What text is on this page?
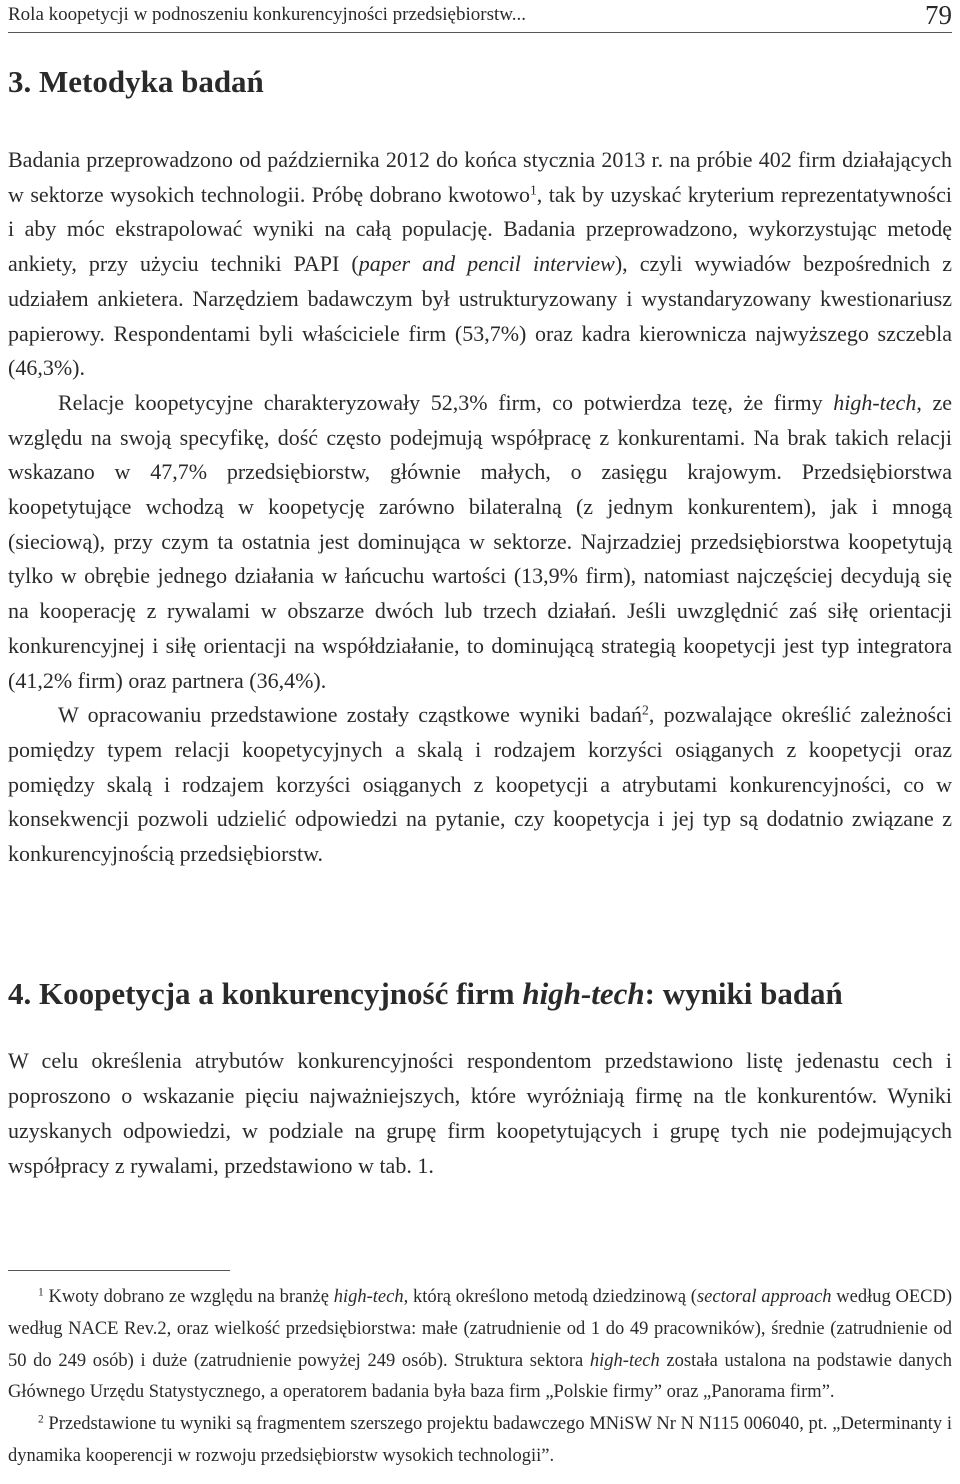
Rola koopetycji w podnoszeniu konkurencyjności przedsiębiorstw...	79
3. Metodyka badań

Badania przeprowadzono od października 2012 do końca stycznia 2013 r. na próbie 402 firm działających w sektorze wysokich technologii. Próbę dobrano kwotowo$^1$, tak by uzyskać kryterium reprezentatywności i aby móc ekstrapolować wyniki na całą populację. Badania przeprowadzono, wykorzystując metodę ankiety, przy użyciu techniki PAPI (paper and pencil interview), czyli wywiadów bezpośrednich z udziałem ankietera. Narzędziem badawczym był ustrukturyzowany i wystandaryzowany kwestionariusz papierowy. Respondentami byli właściciele firm (53,7%) oraz kadra kierownicza najwyższego szczebla (46,3%).

Relacje koopetycyjne charakteryzowały 52,3% firm, co potwierdza tezę, że firmy high-tech, ze względu na swoją specyfikę, dość często podejmują współpracę z konkurentami. Na brak takich relacji wskazano w 47,7% przedsiębiorstw, głównie małych, o zasięgu krajowym. Przedsiębiorstwa koopetytujące wchodzą w koopetycję zarówno bilateralną (z jednym konkurentem), jak i mnogą (sieciową), przy czym ta ostatnia jest dominująca w sektorze. Najrzadziej przedsiębiorstwa koopetytują tylko w obrębie jednego działania w łańcuchu wartości (13,9% firm), natomiast najczęściej decydują się na kooperację z rywalami w obszarze dwóch lub trzech działań. Jeśli uwzględnić zaś siłę orientacji konkurencyjnej i siłę orientacji na współdziałanie, to dominującą strategią koopetycji jest typ integratora (41,2% firm) oraz partnera (36,4%).

W opracowaniu przedstawione zostały cząstkowe wyniki badań$^2$, pozwalające określić zależności pomiędzy typem relacji koopetycyjnych a skalą i rodzajem korzyści osiąganych z koopetycji oraz pomiędzy skalą i rodzajem korzyści osiąganych z koopetycji a atrybutami konkurencyjności, co w konsekwencji pozwoli udzielić odpowiedzi na pytanie, czy koopetycja i jej typ są dodatnio związane z konkurencyjnością przedsiębiorstw.

4. Koopetycja a konkurencyjność firm high-tech: wyniki badań

W celu określenia atrybutów konkurencyjności respondentom przedstawiono listę jedenastu cech i poproszono o wskazanie pięciu najważniejszych, które wyróżniają firmę na tle konkurentów. Wyniki uzyskanych odpowiedzi, w podziale na grupę firm koopetytujących i grupę tych nie podejmujących współpracy z rywalami, przedstawiono w tab. 1.

$^1$ Kwoty dobrano ze względu na branżę high-tech, którą określono metodą dziedzinową (sectoral approach według OECD) według NACE Rev.2, oraz wielkość przedsiębiorstwa: małe (zatrudnienie od 1 do 49 pracowników), średnie (zatrudnienie od 50 do 249 osób) i duże (zatrudnienie powyżej 249 osób). Struktura sektora high-tech została ustalona na podstawie danych Głównego Urzędu Statystycznego, a operatorem badania była baza firm „Polskie firmy” oraz „Panorama firm”.

$^2$ Przedstawione tu wyniki są fragmentem szerszego projektu badawczego MNiSW Nr N N115 006040, pt. „Determinanty i dynamika kooperencji w rozwoju przedsiębiorstw wysokich technologii”.
